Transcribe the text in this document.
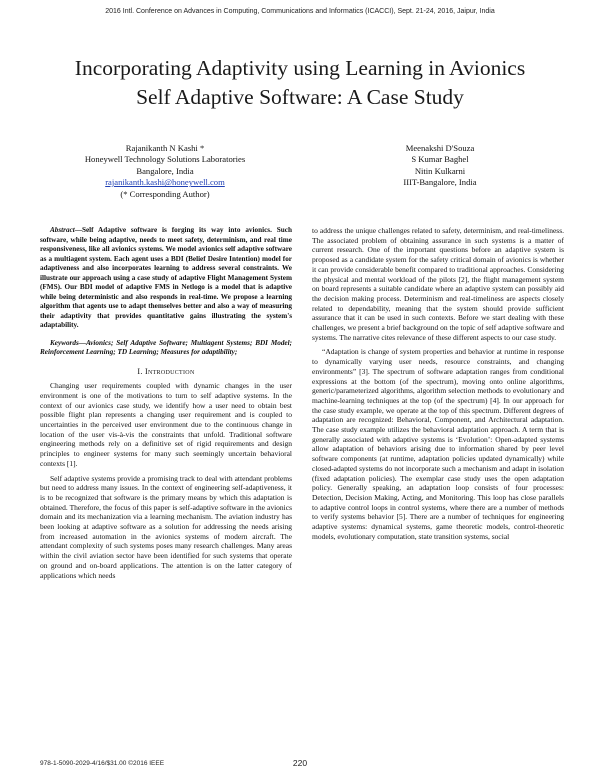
2016 Intl. Conference on Advances in Computing, Communications and Informatics (ICACCI), Sept. 21-24, 2016, Jaipur, India
Incorporating Adaptivity using Learning in Avionics
Self Adaptive Software: A Case Study
Rajanikanth N Kashi *
Honeywell Technology Solutions Laboratories
Bangalore, India
rajanikanth.kashi@honeywell.com
(* Corresponding Author)
Meenakshi D'Souza
S Kumar Baghel
Nitin Kulkarni
IIIT-Bangalore, India

Abstract—Self Adaptive software is forging its way into avionics. Such software, while being adaptive, needs to meet safety, determinism, and real time responsiveness, like all avionics systems. We model avionics self adaptive software as a multiagent system. Each agent uses a BDI (Belief Desire Intention) model for adaptiveness and also incorporates learning to address several constraints. We illustrate our approach using a case study of adaptive Flight Management System (FMS). Our BDI model of adaptive FMS in Netlogo is a model that is adaptive while being deterministic and also responds in real-time. We propose a learning algorithm that agents use to adapt themselves better and also a way of measuring their adaptivity that provides quantitative gains illustrating the system's adaptability.

Keywords—Avionics; Self Adaptive Software; Multiagent Systems; BDI Model; Reinforcement Learning; TD Learning; Measures for adaptibility;

I. Introduction

Changing user requirements coupled with dynamic changes in the user environment is one of the motivations to turn to self adaptive systems. In the context of our avionics case study, we identify how a user need to obtain best possible flight plan represents a changing user requirement and is coupled to uncertainties in the perceived user environment due to the continuous change in location of the user vis-à-vis the constraints that unfold. Traditional software engineering methods rely on a definitive set of rigid requirements and design principles to engineer systems for many such seemingly uncertain behavioral contexts [1].

Self adaptive systems provide a promising track to deal with attendant problems but need to address many issues. In the context of engineering self-adaptiveness, it is to be recognized that software is the primary means by which this adaptation is obtained. Therefore, the focus of this paper is self-adaptive software in the avionics domain and its mechanization via a learning mechanism. The aviation industry has been looking at adaptive software as a solution for addressing the needs arising from increased automation in the avionics systems of modern aircraft. The attendant complexity of such systems poses many research challenges. Many areas within the civil aviation sector have been identified for such systems that operate on ground and on-board applications. The attention is on the latter category of applications which needs

to address the unique challenges related to safety, determinism, and real-timeliness. The associated problem of obtaining assurance in such systems is a matter of current research. One of the important questions before an adaptive system is proposed as a candidate system for the safety critical domain of avionics is whether it can provide considerable benefit compared to traditional approaches. Considering the physical and mental workload of the pilots [2], the flight management system on board represents a suitable candidate where an adaptive system can possibly aid the decision making process. Determinism and real-timeliness are aspects closely related to dependability, meaning that the system should provide sufficient assurance that it can be used in such contexts. Before we start dealing with these challenges, we present a brief background on the topic of self adaptive software and systems. The narrative cites relevance of these different aspects to our case study.

“Adaptation is change of system properties and behavior at runtime in response to dynamically varying user needs, resource constraints, and changing environments” [3]. The spectrum of software adaptation ranges from conditional expressions at the bottom (of the spectrum), moving onto online algorithms, generic/parameterized algorithms, algorithm selection methods to evolutionary and machine-learning techniques at the top (of the spectrum) [4]. In our approach for the case study example, we operate at the top of this spectrum. Different degrees of adaptation are recognized: Behavioral, Component, and Architectural adaptation. The case study example utilizes the behavioral adaptation approach. A term that is generally associated with adaptive systems is ‘Evolution’: Open-adapted systems allow adaptation of behaviors arising due to information shared by peer level software components (at runtime, adaptation policies updated dynamically) while closed-adapted systems do not incorporate such a mechanism and adapt in isolation (fixed adaptation policies). The exemplar case study uses the open adaptation policy. Generally speaking, an adaptation loop consists of four processes: Detection, Decision Making, Acting, and Monitoring. This loop has close parallels to adaptive control loops in control systems, where there are a number of methods to verify systems behavior [5]. There are a number of techniques for engineering adaptive systems: dynamical systems, game theoretic models, control-theoretic models, evolutionary computation, state transition systems, social

978-1-5090-2029-4/16/$31.00 ©2016 IEEE	220
